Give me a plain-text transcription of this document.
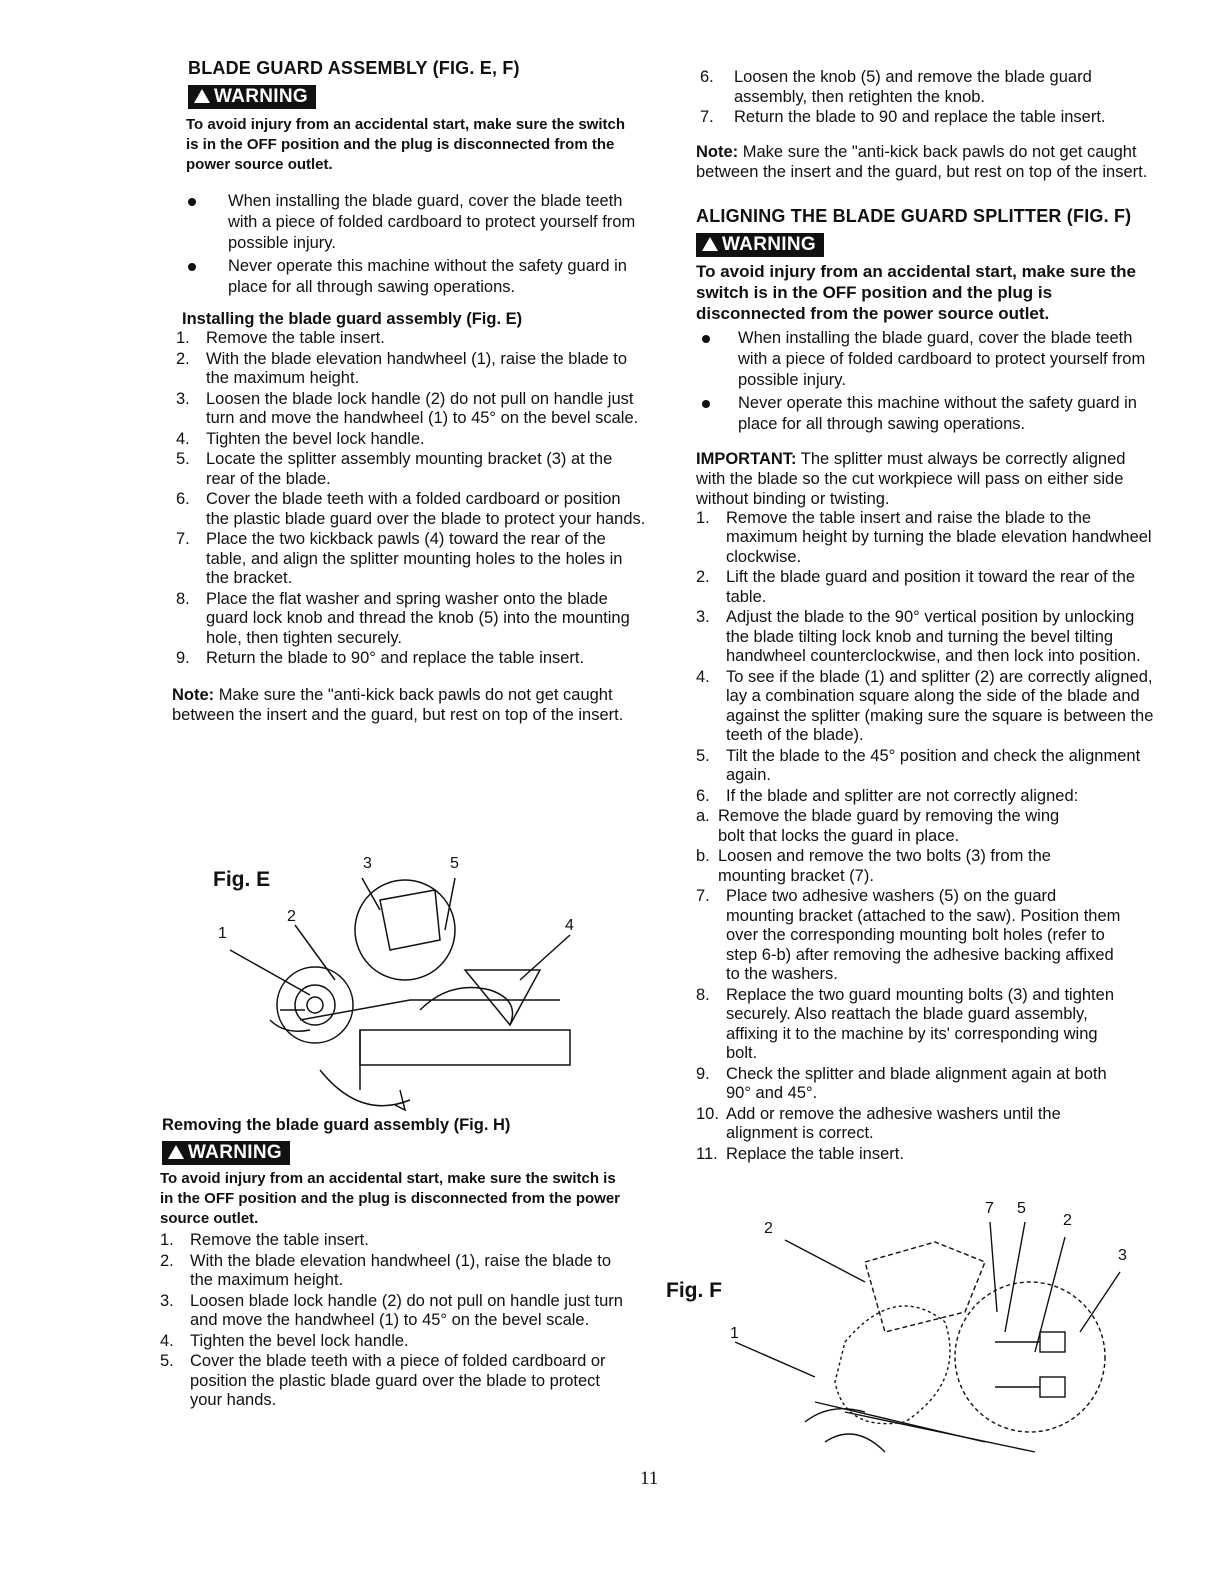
BLADE GUARD ASSEMBLY (FIG. E, F)
WARNING
To avoid injury from an accidental start, make sure the switch is in the OFF position and the plug is disconnected from the power source outlet.
When installing the blade guard, cover the blade teeth with a piece of folded cardboard to protect yourself from possible injury.
Never operate this machine without the safety guard in place for all through sawing operations.
Installing the blade guard assembly (Fig. E)
1. Remove the table insert.
2. With the blade elevation handwheel (1), raise the blade to the maximum height.
3. Loosen the blade lock handle (2) do not pull on handle just turn and move the handwheel (1) to 45° on the bevel scale.
4. Tighten the bevel lock handle.
5. Locate the splitter assembly mounting bracket (3) at the rear of the blade.
6. Cover the blade teeth with a folded cardboard or position the plastic blade guard over the blade to protect your hands.
7. Place the two kickback pawls (4) toward the rear of the table, and align the splitter mounting holes to the holes in the bracket.
8. Place the flat washer and spring washer onto the blade guard lock knob and thread the knob (5) into the mounting hole, then tighten securely.
9. Return the blade to 90° and replace the table insert.
Note: Make sure the "anti-kick back pawls do not get caught between the insert and the guard, but rest on top of the insert.
Fig. E
1
2
3	5
4
Removing the blade guard assembly (Fig. H)
WARNING
To avoid injury from an accidental start, make sure the switch is in the OFF position and the plug is disconnected from the power source outlet.
1. Remove the table insert.
2. With the blade elevation handwheel (1), raise the blade to the maximum height.
3. Loosen blade lock handle (2) do not pull on handle just turn and move the handwheel (1) to 45° on the bevel scale.
4. Tighten the bevel lock handle.
5. Cover the blade teeth with a piece of folded cardboard or position the plastic blade guard over the blade to protect your hands.
6. Loosen the knob (5) and remove the blade guard assembly, then retighten the knob.
7. Return the blade to 90 and replace the table insert.
Note: Make sure the "anti-kick back pawls do not get caught between the insert and the guard, but rest on top of the insert.
ALIGNING THE BLADE GUARD SPLITTER (FIG. F)
WARNING
To avoid injury from an accidental start, make sure the switch is in the OFF position and the plug is disconnected from the power source outlet.
When installing the blade guard, cover the blade teeth with a piece of folded cardboard to protect yourself from possible injury.
Never operate this machine without the safety guard in place for all through sawing operations.
IMPORTANT: The splitter must always be correctly aligned with the blade so the cut workpiece will pass on either side without binding or twisting.
1. Remove the table insert and raise the blade to the maximum height by turning the blade elevation handwheel clockwise.
2. Lift the blade guard and position it toward the rear of the table.
3. Adjust the blade to the 90° vertical position by unlocking the blade tilting lock knob and turning the bevel tilting handwheel counterclockwise, and then lock into position.
4. To see if the blade (1) and splitter (2) are correctly aligned, lay a combination square along the side of the blade and against the splitter (making sure the square is between the teeth of the blade).
5. Tilt the blade to the 45° position and check the alignment again.
6. If the blade and splitter are not correctly aligned:
a. Remove the blade guard by removing the wing bolt that locks the guard in place.
b. Loosen and remove the two bolts (3) from the mounting bracket (7).
7. Place two adhesive washers (5) on the guard mounting bracket (attached to the saw). Position them over the corresponding mounting bolt holes (refer to step 6-b) after removing the adhesive backing affixed to the washers.
8. Replace the two guard mounting bolts (3) and tighten securely. Also reattach the blade guard assembly, affixing it to the machine by its' corresponding wing bolt.
9. Check the splitter and blade alignment again at both 90° and 45°.
10. Add or remove the adhesive washers until the alignment is correct.
11. Replace the table insert.
Fig. F
2
1
7 5
2
3
11
